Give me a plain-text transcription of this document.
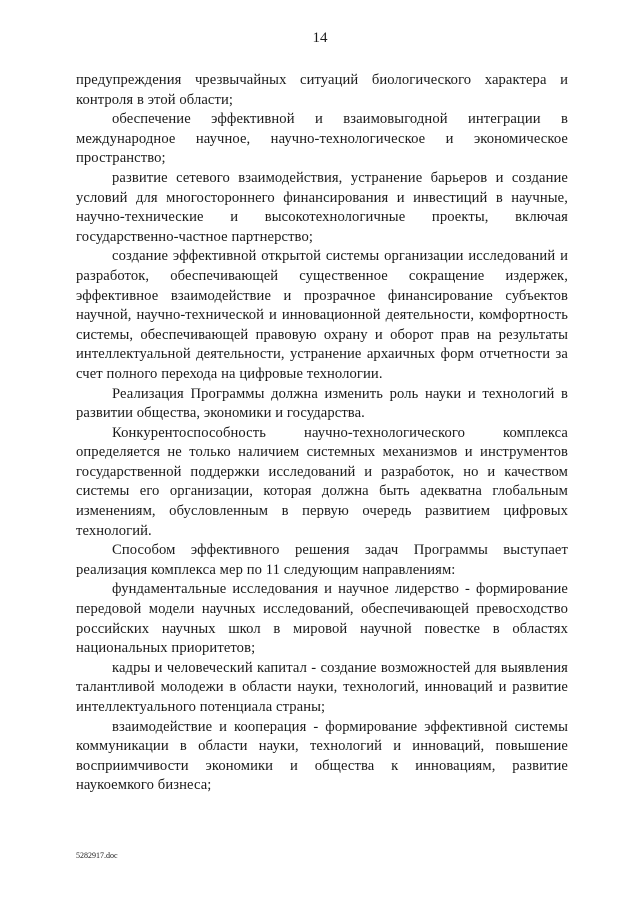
14

предупреждения чрезвычайных ситуаций биологического характера и контроля в этой области;

обеспечение эффективной и взаимовыгодной интеграции в международное научное, научно-технологическое и экономическое пространство;

развитие сетевого взаимодействия, устранение барьеров и создание условий для многостороннего финансирования и инвестиций в научные, научно-технические и высокотехнологичные проекты, включая государственно-частное партнерство;

создание эффективной открытой системы организации исследований и разработок, обеспечивающей существенное сокращение издержек, эффективное взаимодействие и прозрачное финансирование субъектов научной, научно-технической и инновационной деятельности, комфортность системы, обеспечивающей правовую охрану и оборот прав на результаты интеллектуальной деятельности, устранение архаичных форм отчетности за счет полного перехода на цифровые технологии.

Реализация Программы должна изменить роль науки и технологий в развитии общества, экономики и государства.

Конкурентоспособность научно-технологического комплекса определяется не только наличием системных механизмов и инструментов государственной поддержки исследований и разработок, но и качеством системы его организации, которая должна быть адекватна глобальным изменениям, обусловленным в первую очередь развитием цифровых технологий.

Способом эффективного решения задач Программы выступает реализация комплекса мер по 11 следующим направлениям:

фундаментальные исследования и научное лидерство - формирование передовой модели научных исследований, обеспечивающей превосходство российских научных школ в мировой научной повестке в областях национальных приоритетов;

кадры и человеческий капитал - создание возможностей для выявления талантливой молодежи в области науки, технологий, инноваций и развитие интеллектуального потенциала страны;

взаимодействие и кооперация - формирование эффективной системы коммуникации в области науки, технологий и инноваций, повышение восприимчивости экономики и общества к инновациям, развитие наукоемкого бизнеса;

5282917.doc
